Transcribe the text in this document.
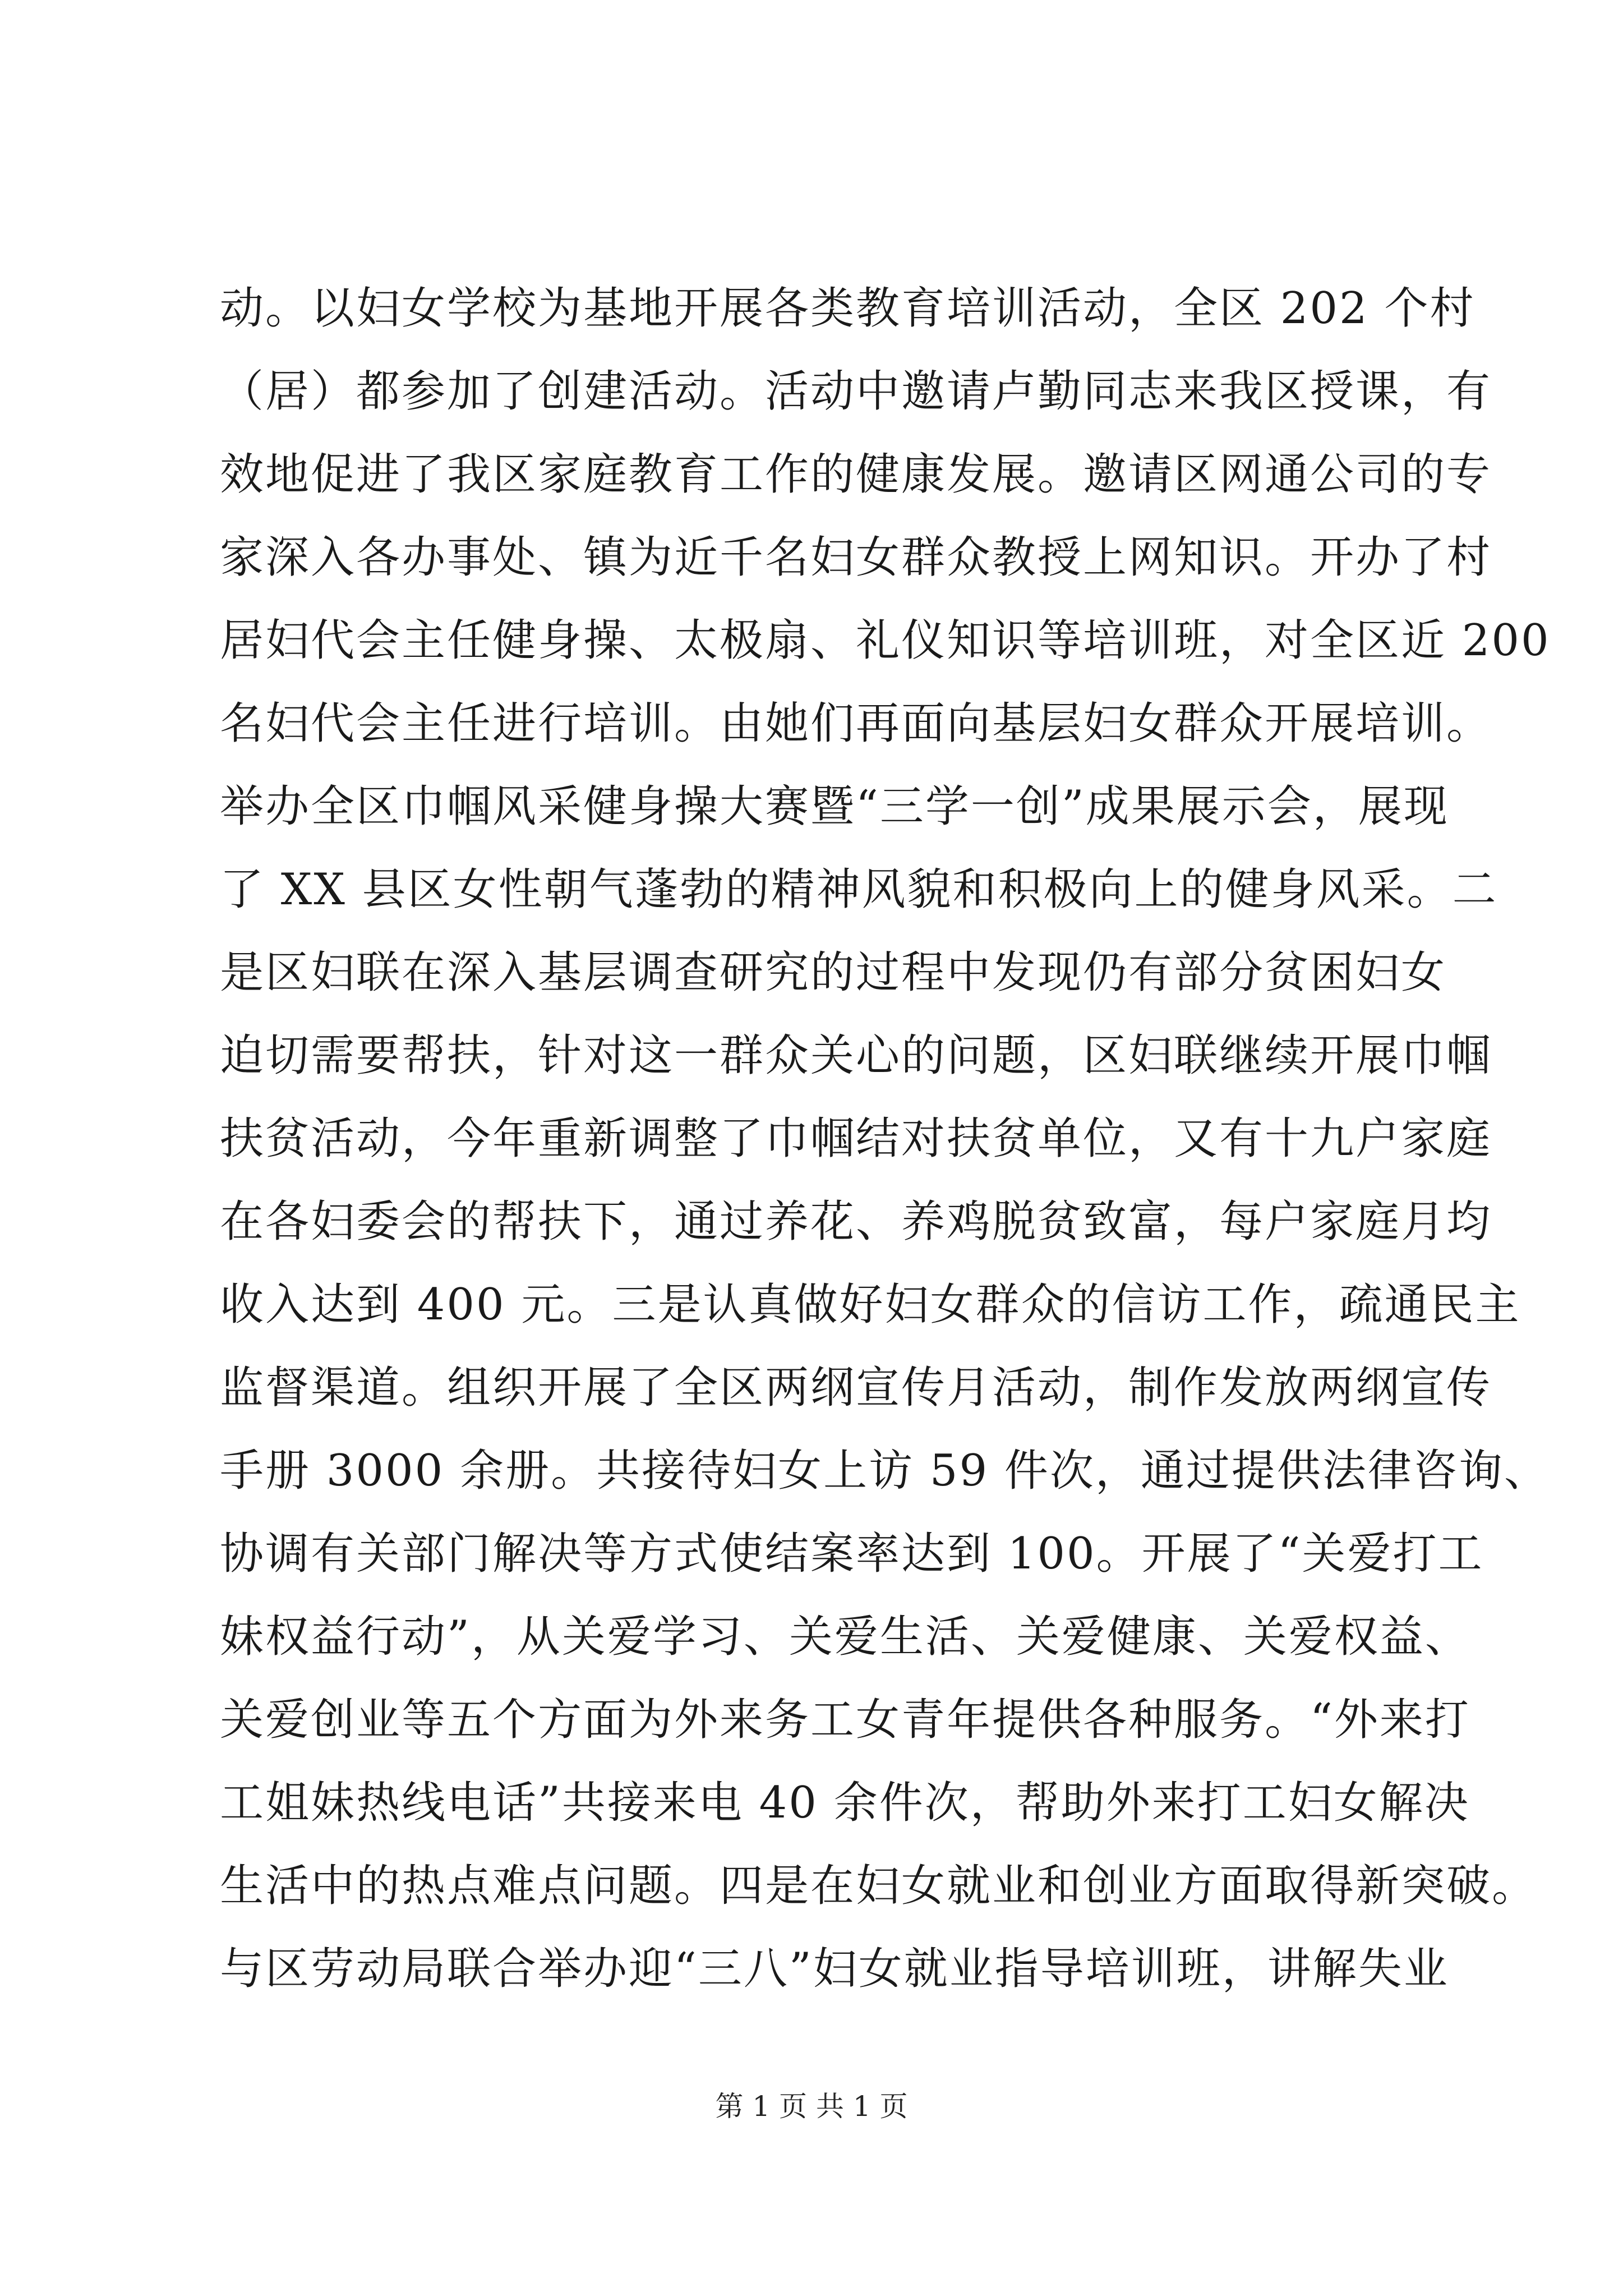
动。以妇女学校为基地开展各类教育培训活动，全区 202 个村
（居）都参加了创建活动。活动中邀请卢勤同志来我区授课，有
效地促进了我区家庭教育工作的健康发展。邀请区网通公司的专
家深入各办事处、镇为近千名妇女群众教授上网知识。开办了村
居妇代会主任健身操、太极扇、礼仪知识等培训班，对全区近 200
名妇代会主任进行培训。由她们再面向基层妇女群众开展培训。
举办全区巾帼风采健身操大赛暨“三学一创”成果展示会，展现
了 XX 县区女性朝气蓬勃的精神风貌和积极向上的健身风采。二
是区妇联在深入基层调查研究的过程中发现仍有部分贫困妇女
迫切需要帮扶，针对这一群众关心的问题，区妇联继续开展巾帼
扶贫活动，今年重新调整了巾帼结对扶贫单位，又有十九户家庭
在各妇委会的帮扶下，通过养花、养鸡脱贫致富，每户家庭月均
收入达到 400 元。三是认真做好妇女群众的信访工作，疏通民主
监督渠道。组织开展了全区两纲宣传月活动，制作发放两纲宣传
手册 3000 余册。共接待妇女上访 59 件次，通过提供法律咨询、
协调有关部门解决等方式使结案率达到 100。开展了“关爱打工
妹权益行动”，从关爱学习、关爱生活、关爱健康、关爱权益、
关爱创业等五个方面为外来务工女青年提供各种服务。“外来打
工姐妹热线电话”共接来电 40 余件次，帮助外来打工妇女解决
生活中的热点难点问题。四是在妇女就业和创业方面取得新突破。
与区劳动局联合举办迎“三八”妇女就业指导培训班，讲解失业
第 1 页 共 1 页
